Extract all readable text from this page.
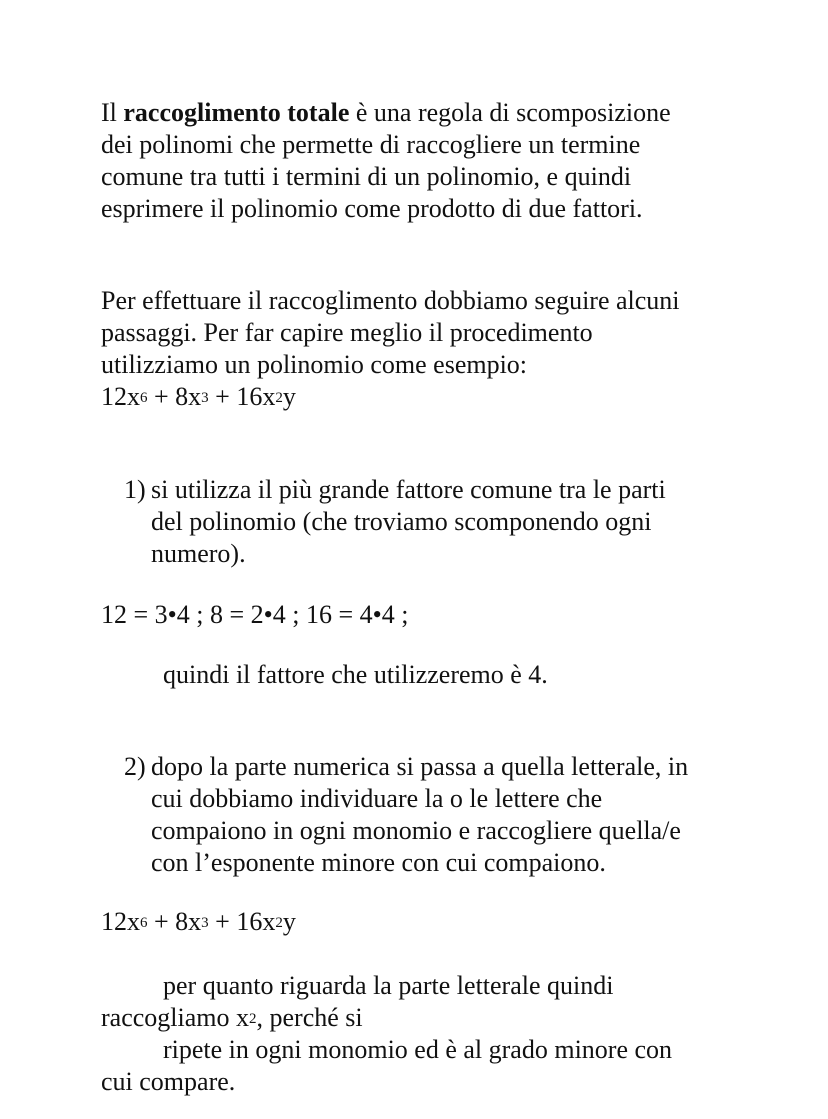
Il raccoglimento totale è una regola di scomposizione
dei polinomi che permette di raccogliere un termine
comune tra tutti i termini di un polinomio, e quindi
esprimere il polinomio come prodotto di due fattori.

Per effettuare il raccoglimento dobbiamo seguire alcuni
passaggi. Per far capire meglio il procedimento
utilizziamo un polinomio come esempio:

$12x^6 + 8x^3 + 16x^2y$

1) si utilizza il più grande fattore comune tra le parti
del polinomio (che troviamo scomponendo ogni
numero).

12 = 3•4 ; 8 = 2•4 ; 16 = 4•4 ;

quindi il fattore che utilizzeremo è 4.

2) dopo la parte numerica si passa a quella letterale, in
cui dobbiamo individuare la o le lettere che
compaiono in ogni monomio e raccogliere quella/e
con l’esponente minore con cui compaiono.

$12x^6 + 8x^3 + 16x^2y$

per quanto riguarda la parte letterale quindi
raccogliamo $x^2$, perché si
ripete in ogni monomio ed è al grado minore con
cui compare.
